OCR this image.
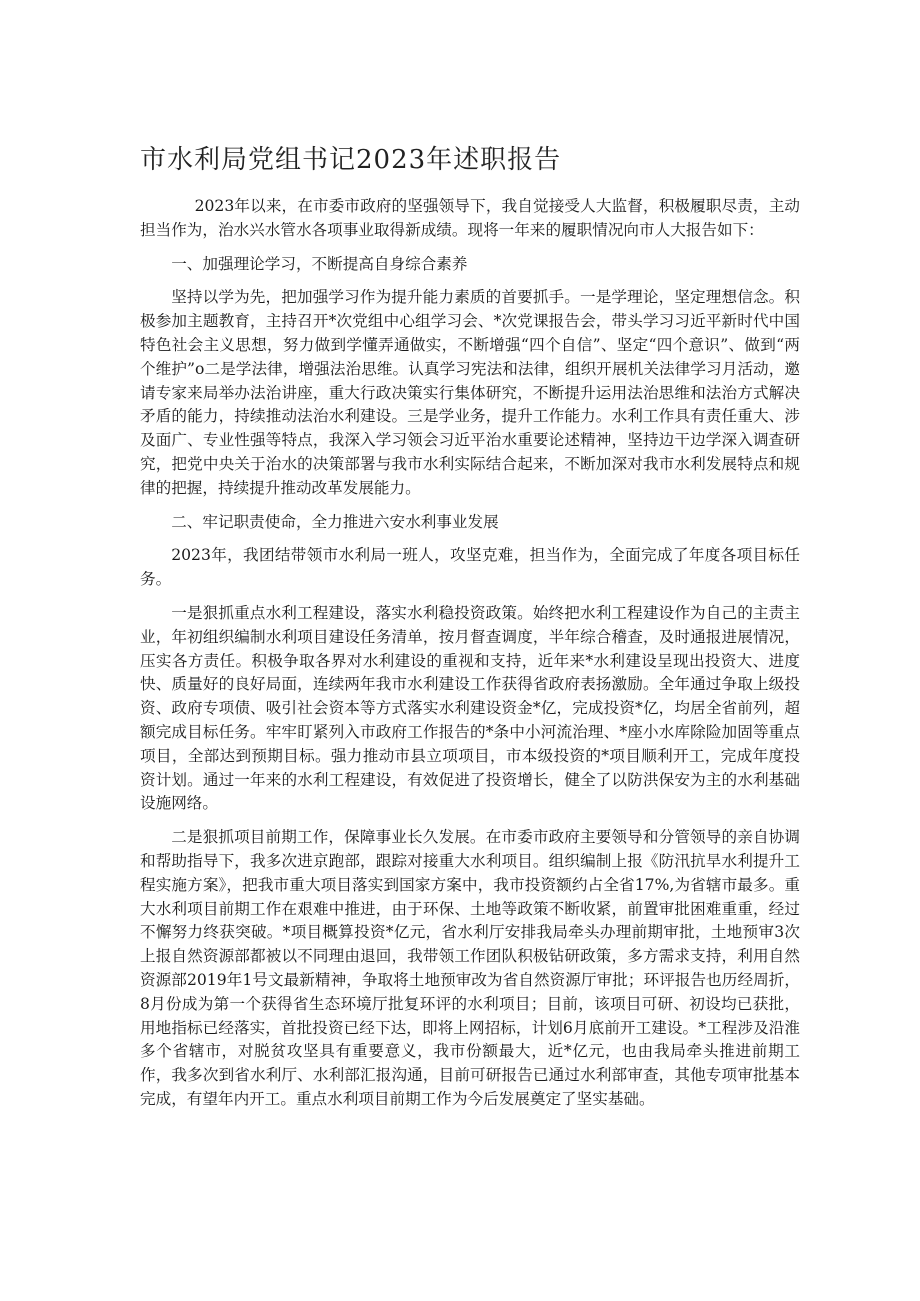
市水利局党组书记2023年述职报告

2023年以来，在市委市政府的坚强领导下，我自觉接受人大监督，积极履职尽责，主动担当作为，治水兴水管水各项事业取得新成绩。现将一年来的履职情况向市人大报告如下：

一、加强理论学习，不断提高自身综合素养

坚持以学为先，把加强学习作为提升能力素质的首要抓手。一是学理论，坚定理想信念。积极参加主题教育，主持召开*次党组中心组学习会、*次党课报告会，带头学习习近平新时代中国特色社会主义思想，努力做到学懂弄通做实，不断增强“四个自信”、坚定“四个意识”、做到“两个维护”o二是学法律，增强法治思维。认真学习宪法和法律，组织开展机关法律学习月活动，邀请专家来局举办法治讲座，重大行政决策实行集体研究，不断提升运用法治思维和法治方式解决矛盾的能力，持续推动法治水利建设。三是学业务，提升工作能力。水利工作具有责任重大、涉及面广、专业性强等特点，我深入学习领会习近平治水重要论述精神，坚持边干边学深入调查研究，把党中央关于治水的决策部署与我市水利实际结合起来，不断加深对我市水利发展特点和规律的把握，持续提升推动改革发展能力。

二、牢记职责使命，全力推进六安水利事业发展

2023年，我团结带领市水利局一班人，攻坚克难，担当作为，全面完成了年度各项目标任务。

一是狠抓重点水利工程建设，落实水利稳投资政策。始终把水利工程建设作为自己的主责主业，年初组织编制水利项目建设任务清单，按月督查调度，半年综合稽查，及时通报进展情况，压实各方责任。积极争取各界对水利建设的重视和支持，近年来*水利建设呈现出投资大、进度快、质量好的良好局面，连续两年我市水利建设工作获得省政府表扬激励。全年通过争取上级投资、政府专项债、吸引社会资本等方式落实水利建设资金*亿，完成投资*亿，均居全省前列，超额完成目标任务。牢牢盯紧列入市政府工作报告的*条中小河流治理、*座小水库除险加固等重点项目，全部达到预期目标。强力推动市县立项项目，市本级投资的*项目顺利开工，完成年度投资计划。通过一年来的水利工程建设，有效促进了投资增长，健全了以防洪保安为主的水利基础设施网络。

二是狠抓项目前期工作，保障事业长久发展。在市委市政府主要领导和分管领导的亲自协调和帮助指导下，我多次进京跑部，跟踪对接重大水利项目。组织编制上报《防汛抗旱水利提升工程实施方案》，把我市重大项目落实到国家方案中，我市投资额约占全省17%,为省辖市最多。重大水利项目前期工作在艰难中推进，由于环保、土地等政策不断收紧，前置审批困难重重，经过不懈努力终获突破。*项目概算投资*亿元，省水利厅安排我局牵头办理前期审批，土地预审3次上报自然资源部都被以不同理由退回，我带领工作团队积极钻研政策，多方需求支持，利用自然资源部2019年1号文最新精神，争取将土地预审改为省自然资源厅审批；环评报告也历经周折，8月份成为第一个获得省生态环境厅批复环评的水利项目；目前，该项目可研、初设均已获批，用地指标已经落实，首批投资已经下达，即将上网招标，计划6月底前开工建设。*工程涉及沿淮多个省辖市，对脱贫攻坚具有重要意义，我市份额最大，近*亿元，也由我局牵头推进前期工作，我多次到省水利厅、水利部汇报沟通，目前可研报告已通过水利部审查，其他专项审批基本完成，有望年内开工。重点水利项目前期工作为今后发展奠定了坚实基础。
